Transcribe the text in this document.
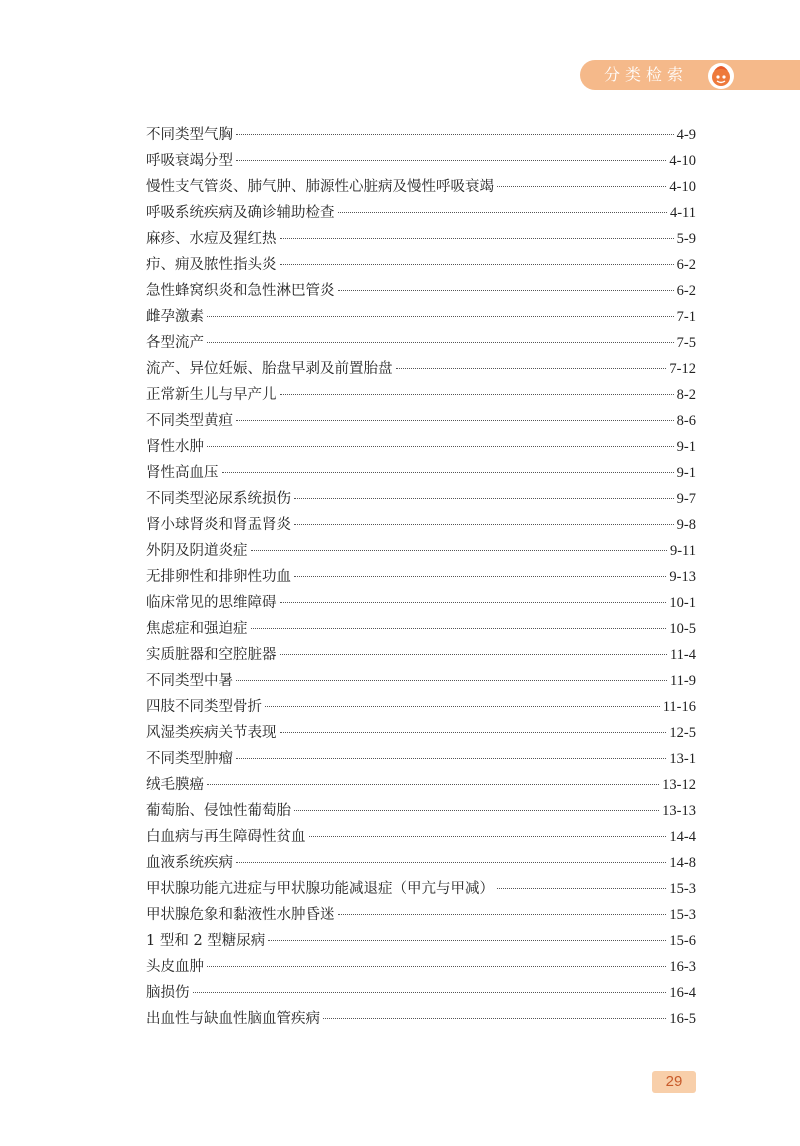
分类检索
不同类型气胸	4-9
呼吸衰竭分型	4-10
慢性支气管炎、肺气肿、肺源性心脏病及慢性呼吸衰竭	4-10
呼吸系统疾病及确诊辅助检查	4-11
麻疹、水痘及猩红热	5-9
疖、痈及脓性指头炎	6-2
急性蜂窝织炎和急性淋巴管炎	6-2
雌孕激素	7-1
各型流产	7-5
流产、异位妊娠、胎盘早剥及前置胎盘	7-12
正常新生儿与早产儿	8-2
不同类型黄疸	8-6
肾性水肿	9-1
肾性高血压	9-1
不同类型泌尿系统损伤	9-7
肾小球肾炎和肾盂肾炎	9-8
外阴及阴道炎症	9-11
无排卵性和排卵性功血	9-13
临床常见的思维障碍	10-1
焦虑症和强迫症	10-5
实质脏器和空腔脏器	11-4
不同类型中暑	11-9
四肢不同类型骨折	11-16
风湿类疾病关节表现	12-5
不同类型肿瘤	13-1
绒毛膜癌	13-12
葡萄胎、侵蚀性葡萄胎	13-13
白血病与再生障碍性贫血	14-4
血液系统疾病	14-8
甲状腺功能亢进症与甲状腺功能减退症（甲亢与甲减）	15-3
甲状腺危象和黏液性水肿昏迷	15-3
1 型和 2 型糖尿病	15-6
头皮血肿	16-3
脑损伤	16-4
出血性与缺血性脑血管疾病	16-5
29
